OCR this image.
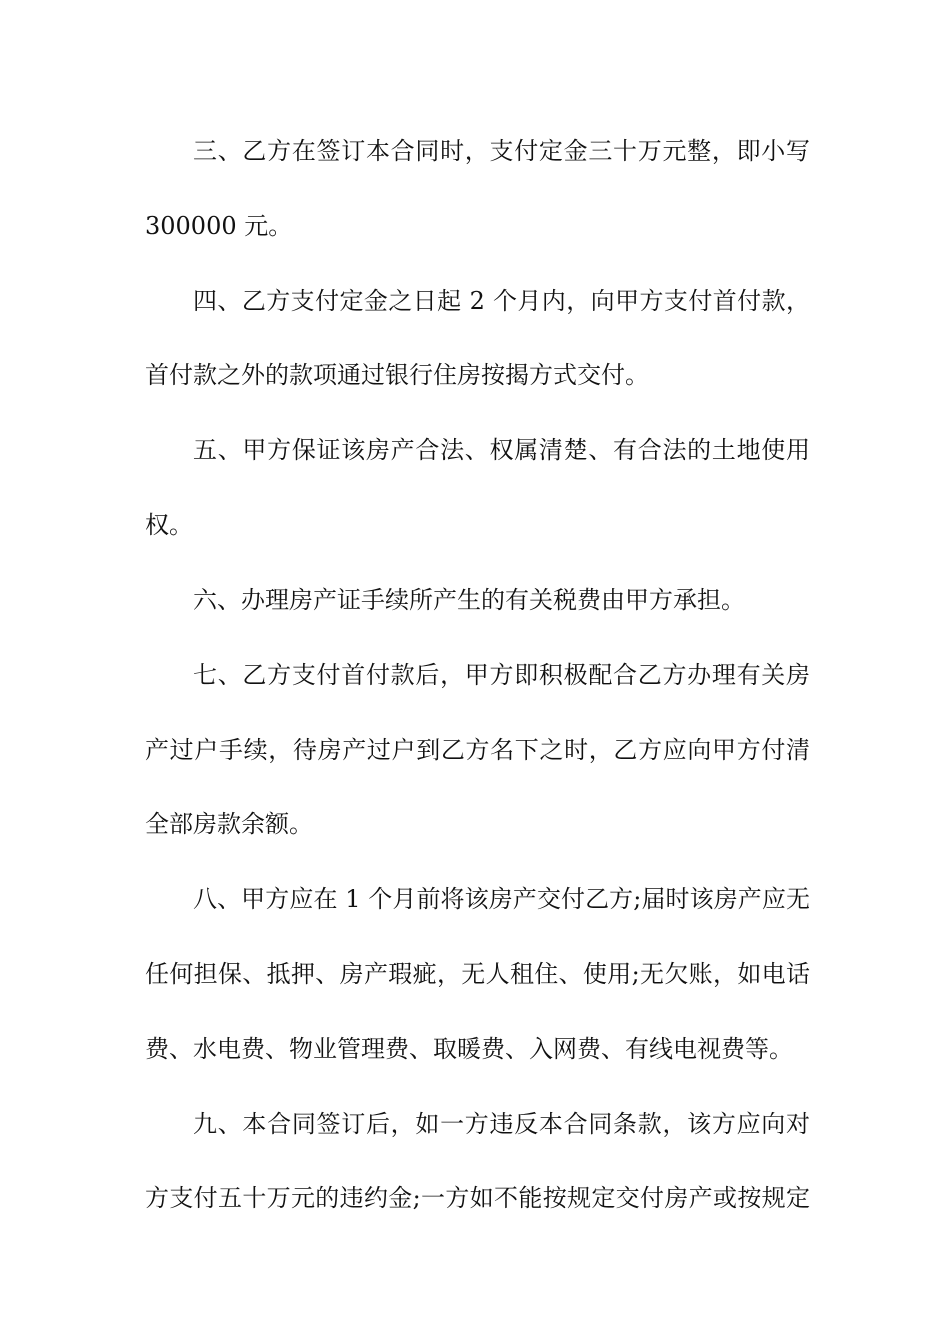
三、乙方在签订本合同时，支付定金三十万元整，即小写
300000 元。
四、乙方支付定金之日起 2 个月内，向甲方支付首付款，
首付款之外的款项通过银行住房按揭方式交付。
五、甲方保证该房产合法、权属清楚、有合法的土地使用
权。
六、办理房产证手续所产生的有关税费由甲方承担。
七、乙方支付首付款后，甲方即积极配合乙方办理有关房
产过户手续，待房产过户到乙方名下之时，乙方应向甲方付清
全部房款余额。
八、甲方应在 1 个月前将该房产交付乙方;届时该房产应无
任何担保、抵押、房产瑕疵，无人租住、使用;无欠账，如电话
费、水电费、物业管理费、取暖费、入网费、有线电视费等。
九、本合同签订后，如一方违反本合同条款，该方应向对
方支付五十万元的违约金;一方如不能按规定交付房产或按规定
